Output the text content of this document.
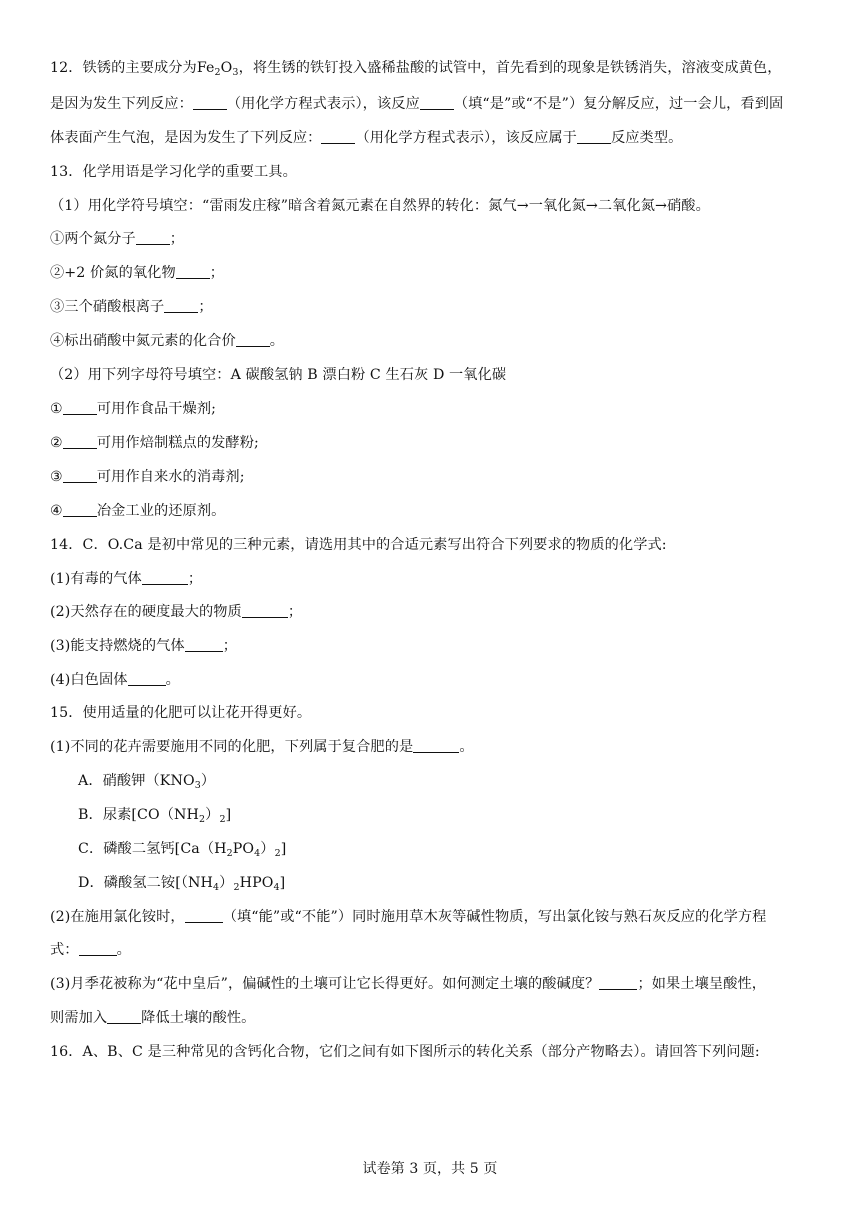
12．铁锈的主要成分为$Fe_2O_3$，将生锈的铁钉投入盛稀盐酸的试管中，首先看到的现象是铁锈消失，溶液变成黄色，
是因为发生下列反应： （用化学方程式表示），该反应 （填“是”或“不是”）复分解反应，过一会儿，看到固
体表面产生气泡，是因为发生了下列反应： （用化学方程式表示），该反应属于 反应类型。
13．化学用语是学习化学的重要工具。
（1）用化学符号填空：“雷雨发庄稼”暗含着氮元素在自然界的转化：氮气→一氧化氮→二氧化氮→硝酸。
①两个氮分子 ；
②+2 价氮的氧化物 ；
③三个硝酸根离子 ；
④标出硝酸中氮元素的化合价 。
（2）用下列字母符号填空：A 碳酸氢钠 B 漂白粉 C 生石灰 D 一氧化碳
① 可用作食品干燥剂;
② 可用作焙制糕点的发酵粉;
③ 可用作自来水的消毒剂;
④ 冶金工业的还原剂。
14．C．O.Ca 是初中常见的三种元素，请选用其中的合适元素写出符合下列要求的物质的化学式:
(1)有毒的气体	；
(2)天然存在的硬度最大的物质	；
(3)能支持燃烧的气体	；
(4)白色固体	。
15．使用适量的化肥可以让花开得更好。
(1)不同的花卉需要施用不同的化肥，下列属于复合肥的是	。
A．硝酸钾$(KNO_3)$
B．尿素$[CO(NH_2)_2]$
C．磷酸二氢钙$[Ca(H_2PO_4)_2]$
D．磷酸氢二铵$[(NH_4)_2HPO_4]$
(2)在施用氯化铵时，	（填“能”或“不能”）同时施用草木灰等碱性物质，写出氯化铵与熟石灰反应的化学方程
式：	。
(3)月季花被称为“花中皇后”，偏碱性的土壤可让它长得更好。如何测定土壤的酸碱度？	；如果土壤呈酸性，
则需加入 降低土壤的酸性。
16．A、B、C 是三种常见的含钙化合物，它们之间有如下图所示的转化关系（部分产物略去）。请回答下列问题:
试卷第 3 页，共 5 页
